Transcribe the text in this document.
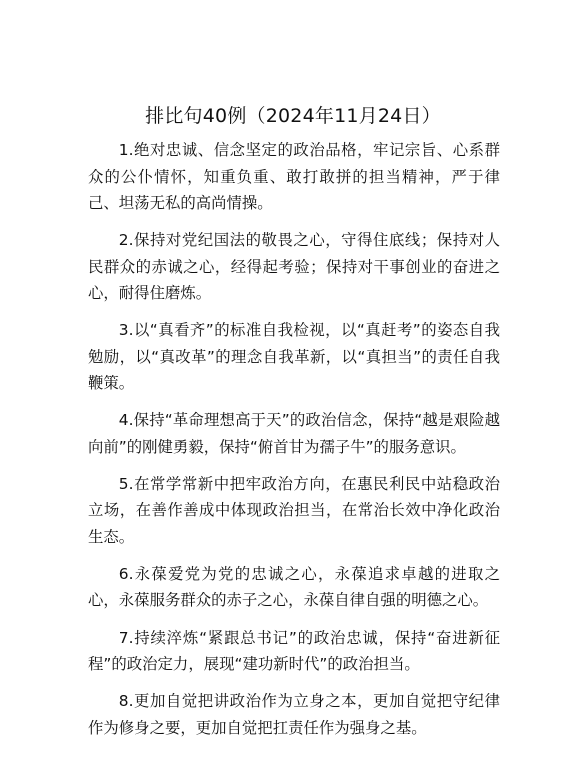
排比句40例（2024年11月24日）

1.绝对忠诚、信念坚定的政治品格，牢记宗旨、心系群众的公仆情怀，知重负重、敢打敢拼的担当精神，严于律己、坦荡无私的高尚情操。

2.保持对党纪国法的敬畏之心，守得住底线；保持对人民群众的赤诚之心，经得起考验；保持对干事创业的奋进之心，耐得住磨炼。

3.以“真看齐”的标准自我检视，以“真赶考”的姿态自我勉励，以“真改革”的理念自我革新，以“真担当”的责任自我鞭策。

4.保持“革命理想高于天”的政治信念，保持“越是艰险越向前”的刚健勇毅，保持“俯首甘为孺子牛”的服务意识。

5.在常学常新中把牢政治方向，在惠民利民中站稳政治立场，在善作善成中体现政治担当，在常治长效中净化政治生态。

6.永葆爱党为党的忠诚之心，永葆追求卓越的进取之心，永葆服务群众的赤子之心，永葆自律自强的明德之心。

7.持续淬炼“紧跟总书记”的政治忠诚，保持“奋进新征程”的政治定力，展现“建功新时代”的政治担当。

8.更加自觉把讲政治作为立身之本，更加自觉把守纪律作为修身之要，更加自觉把扛责任作为强身之基。
